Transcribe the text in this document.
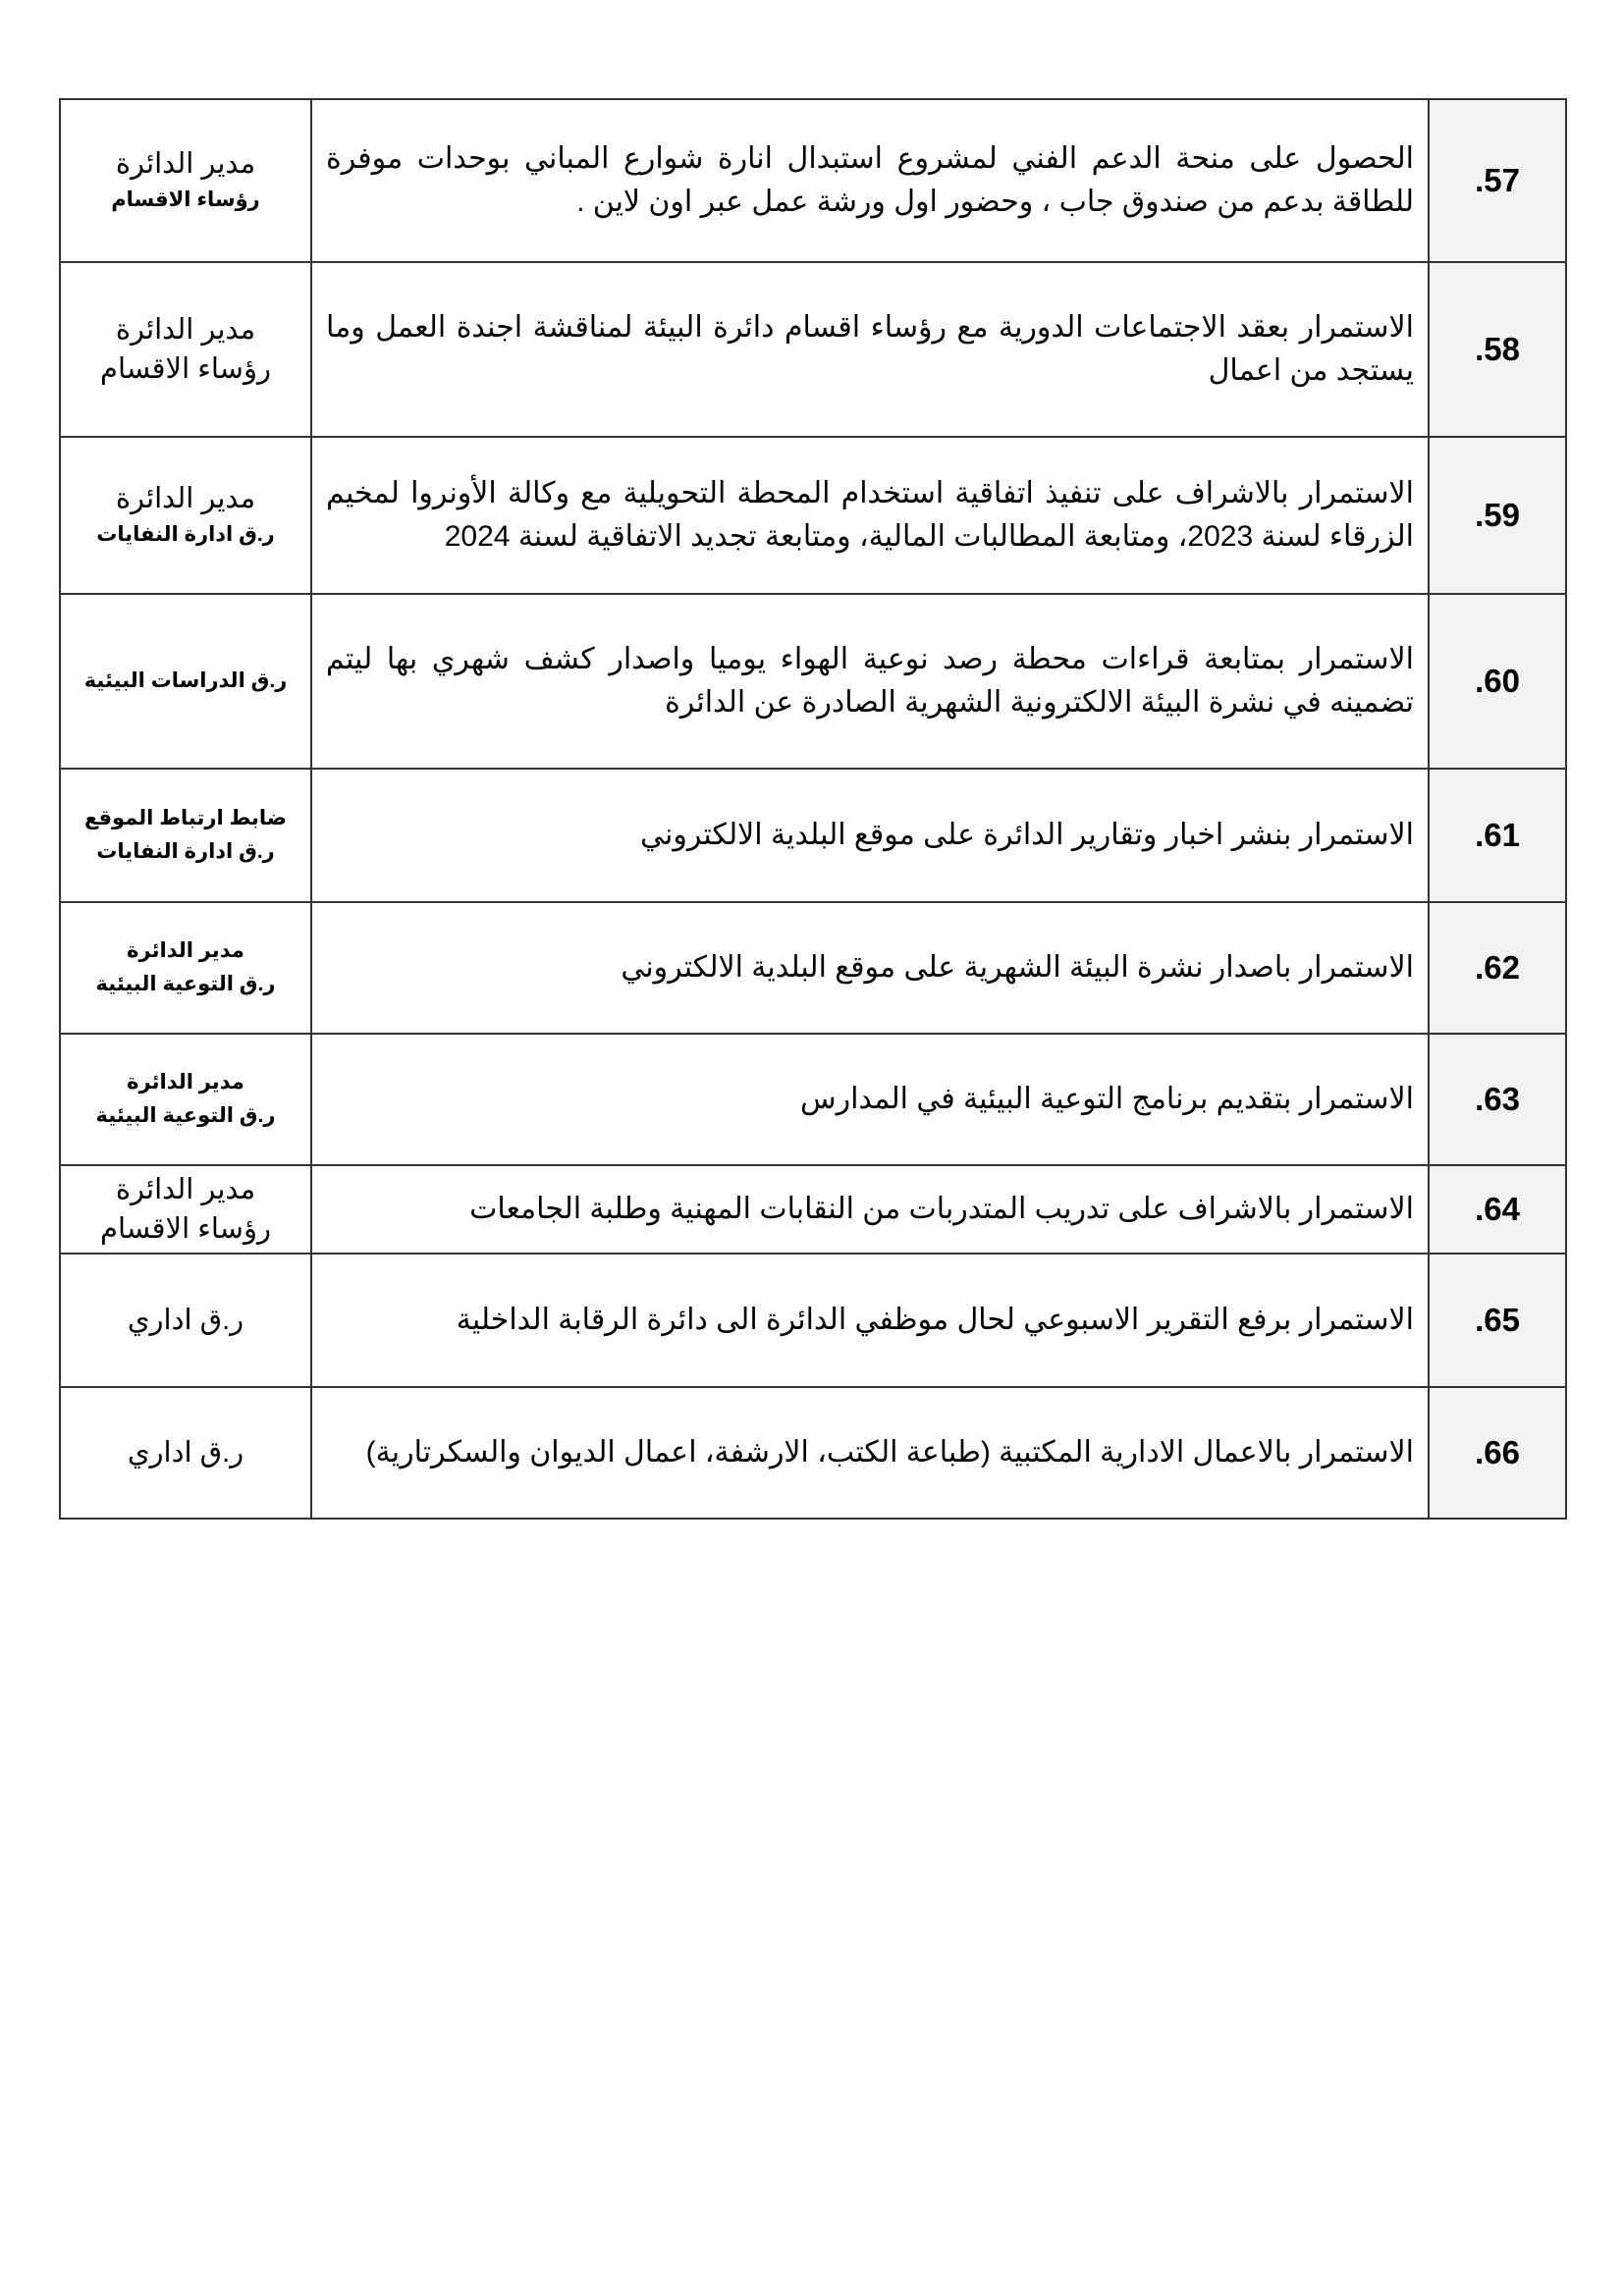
.57	الحصول على منحة الدعم الفني لمشروع استبدال انارة شوارع المباني بوحدات موفرة للطاقة بدعم من صندوق جاب ، وحضور اول ورشة عمل عبر اون لاين .	مدير الدائرة
رؤساء الاقسام

.58	الاستمرار بعقد الاجتماعات الدورية مع رؤساء اقسام دائرة البيئة لمناقشة اجندة العمل وما يستجد من اعمال	مدير الدائرة
رؤساء الاقسام

.59	الاستمرار بالاشراف على تنفيذ اتفاقية استخدام المحطة التحويلية مع وكالة الأونروا لمخيم الزرقاء لسنة 2023، ومتابعة المطالبات المالية، ومتابعة تجديد الاتفاقية لسنة 2024	مدير الدائرة
ر.ق ادارة النفايات

.60	الاستمرار بمتابعة قراءات محطة رصد نوعية الهواء يوميا واصدار كشف شهري بها ليتم تضمينه في نشرة البيئة الالكترونية الشهرية الصادرة عن الدائرة	ر.ق الدراسات البيئية

.61	الاستمرار بنشر اخبار وتقارير الدائرة على موقع البلدية الالكتروني	ضابط ارتباط الموقع
ر.ق ادارة النفايات

.62	الاستمرار باصدار نشرة البيئة الشهرية على موقع البلدية الالكتروني	مدير الدائرة
ر.ق التوعية البيئية

.63	الاستمرار بتقديم برنامج التوعية البيئية في المدارس	مدير الدائرة
ر.ق التوعية البيئية

.64	الاستمرار بالاشراف على تدريب المتدربات من النقابات المهنية وطلبة الجامعات	مدير الدائرة
رؤساء الاقسام

.65	الاستمرار برفع التقرير الاسبوعي لحال موظفي الدائرة الى دائرة الرقابة الداخلية	ر.ق اداري

.66	الاستمرار بالاعمال الادارية المكتبية (طباعة الكتب، الارشفة، اعمال الديوان والسكرتارية)	ر.ق اداري
